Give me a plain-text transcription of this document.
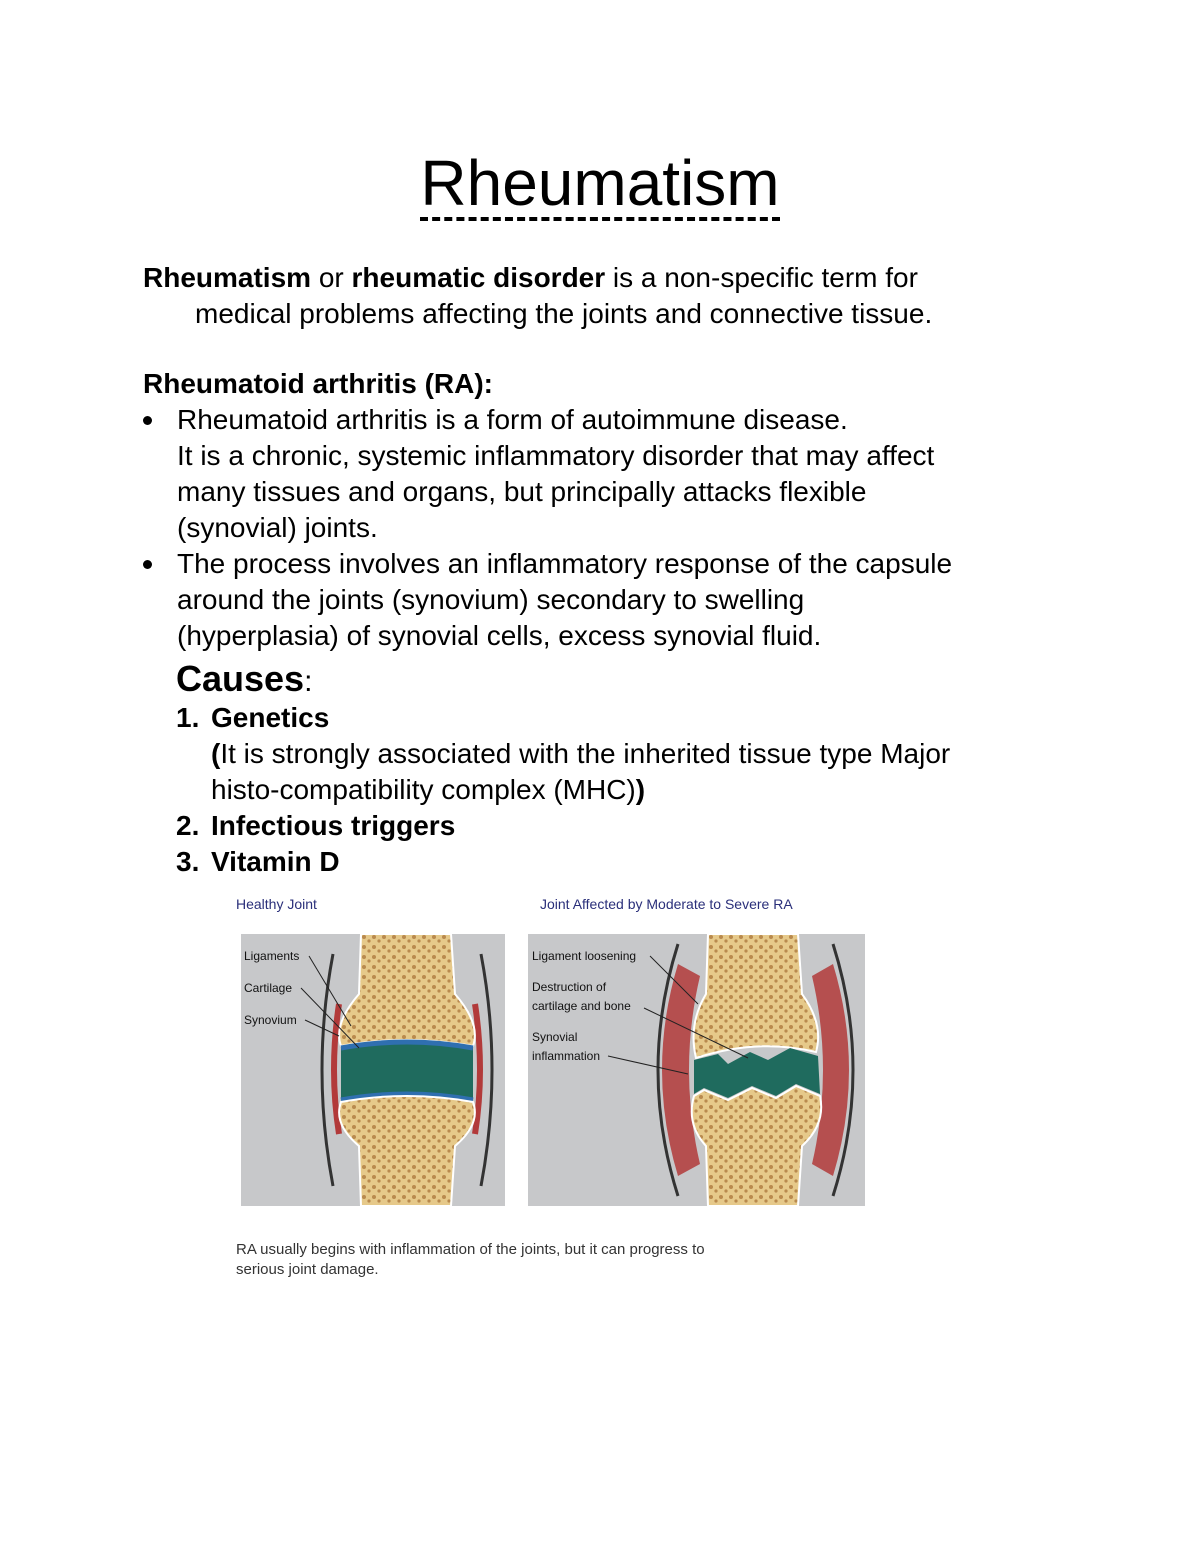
Rheumatism
Rheumatism or rheumatic disorder is a non-specific term for
medical problems affecting the joints and connective tissue.
Rheumatoid arthritis (RA):
Rheumatoid arthritis is a form of autoimmune disease.
It is a chronic, systemic inflammatory disorder that may affect
many tissues and organs, but principally attacks flexible
(synovial) joints.
The process involves an inflammatory response of the capsule
around the joints (synovium) secondary to swelling
(hyperplasia) of synovial cells, excess synovial fluid.
Causes:
1. Genetics
(It is strongly associated with the inherited tissue type Major
histo-compatibility complex (MHC))
2. Infectious triggers
3. Vitamin D
Healthy Joint	Joint Affected by Moderate to Severe RA
Ligaments
Cartilage
Synovium
Ligament loosening
Destruction of
cartilage and bone
Synovial
inflammation
RA usually begins with inflammation of the joints, but it can progress to
serious joint damage.
